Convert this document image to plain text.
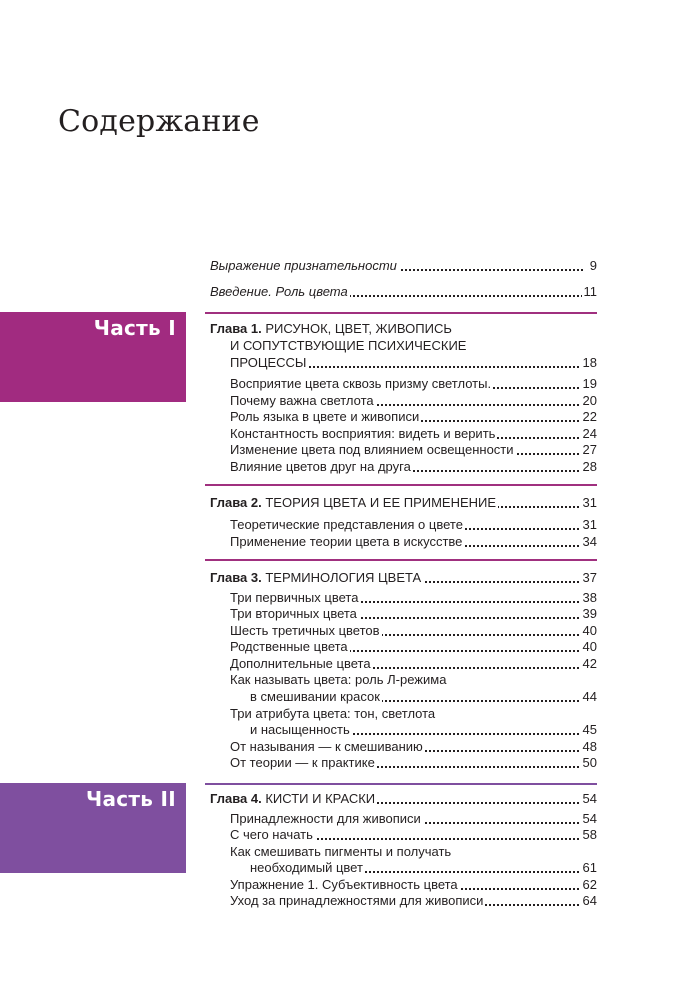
Содержание
Часть I
Часть II
Выражение признательности	9
Введение. Роль цвета	11
Глава 1. РИСУНОК, ЦВЕТ, ЖИВОПИСЬ
И СОПУТСТВУЮЩИЕ ПСИХИЧЕСКИЕ
ПРОЦЕССЫ	18
Восприятие цвета сквозь призму светлоты.	19
Почему важна светлота	20
Роль языка в цвете и живописи	22
Константность восприятия: видеть и верить	24
Изменение цвета под влиянием освещенности	27
Влияние цветов друг на друга	28
Глава 2. ТЕОРИЯ ЦВЕТА И ЕЕ ПРИМЕНЕНИЕ	31
Теоретические представления о цвете	31
Применение теории цвета в искусстве	34
Глава 3. ТЕРМИНОЛОГИЯ ЦВЕТА	37
Три первичных цвета	38
Три вторичных цвета	39
Шесть третичных цветов	40
Родственные цвета	40
Дополнительные цвета	42
Как называть цвета: роль Л-режима
в смешивании красок	44
Три атрибута цвета: тон, светлота
и насыщенность	45
От называния — к смешиванию	48
От теории — к практике	50
Глава 4. КИСТИ И КРАСКИ	54
Принадлежности для живописи	54
С чего начать	58
Как смешивать пигменты и получать
необходимый цвет	61
Упражнение 1. Субъективность цвета	62
Уход за принадлежностями для живописи	64
